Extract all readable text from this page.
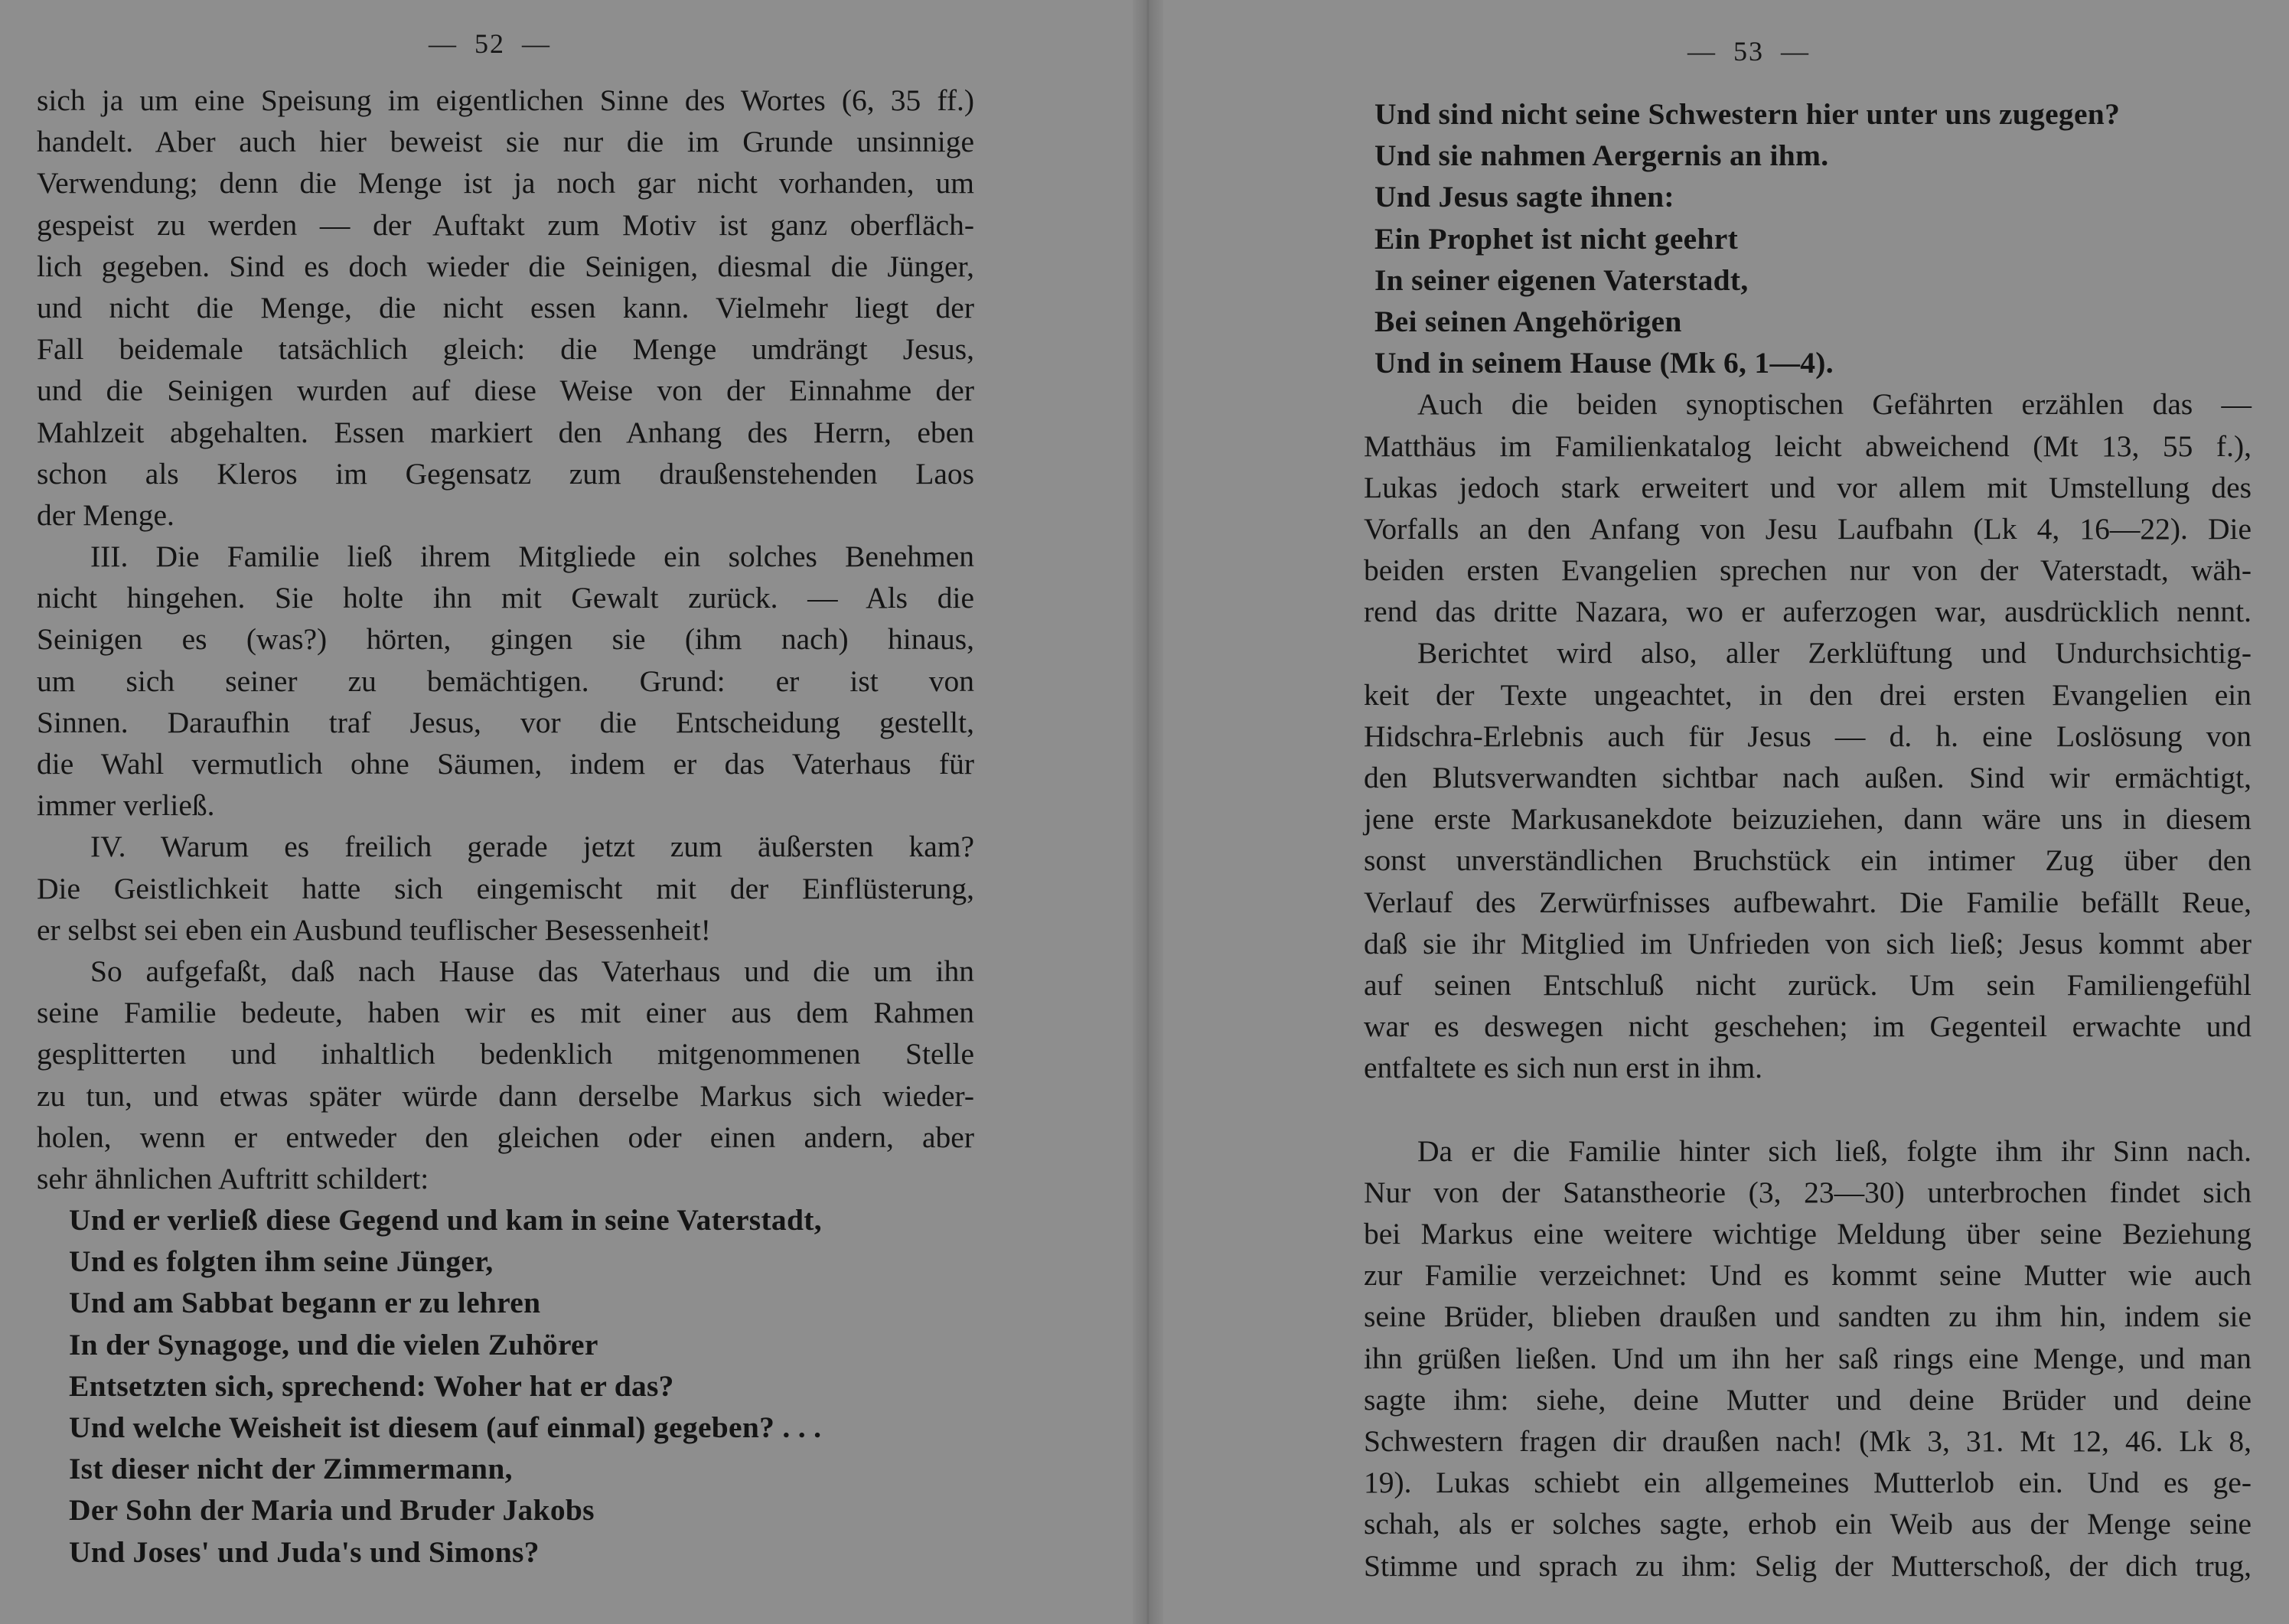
—  52  —
sich ja um eine Speisung im eigentlichen Sinne des Wortes (6, 35 ff.)
handelt. Aber auch hier beweist sie nur die im Grunde unsinnige
Verwendung; denn die Menge ist ja noch gar nicht vorhanden, um
gespeist zu werden — der Auftakt zum Motiv ist ganz oberfläch-
lich gegeben. Sind es doch wieder die Seinigen, diesmal die Jünger,
und nicht die Menge, die nicht essen kann. Vielmehr liegt der
Fall beidemale tatsächlich gleich: die Menge umdrängt Jesus,
und die Seinigen wurden auf diese Weise von der Einnahme der
Mahlzeit abgehalten. Essen markiert den Anhang des Herrn, eben
schon als Kleros im Gegensatz zum draußenstehenden Laos
der Menge.
III. Die Familie ließ ihrem Mitgliede ein solches Benehmen
nicht hingehen. Sie holte ihn mit Gewalt zurück. — Als die
Seinigen es (was?) hörten, gingen sie (ihm nach) hinaus,
um sich seiner zu bemächtigen. Grund: er ist von
Sinnen. Daraufhin traf Jesus, vor die Entscheidung gestellt,
die Wahl vermutlich ohne Säumen, indem er das Vaterhaus für
immer verließ.
IV. Warum es freilich gerade jetzt zum äußersten kam?
Die Geistlichkeit hatte sich eingemischt mit der Einflüsterung,
er selbst sei eben ein Ausbund teuflischer Besessenheit!
So aufgefaßt, daß nach Hause das Vaterhaus und die um ihn
seine Familie bedeute, haben wir es mit einer aus dem Rahmen
gesplitterten und inhaltlich bedenklich mitgenommenen Stelle
zu tun, und etwas später würde dann derselbe Markus sich wieder-
holen, wenn er entweder den gleichen oder einen andern, aber
sehr ähnlichen Auftritt schildert:
Und er verließ diese Gegend und kam in seine Vaterstadt,
Und es folgten ihm seine Jünger,
Und am Sabbat begann er zu lehren
In der Synagoge, und die vielen Zuhörer
Entsetzten sich, sprechend: Woher hat er das?
Und welche Weisheit ist diesem (auf einmal) gegeben? . . .
Ist dieser nicht der Zimmermann,
Der Sohn der Maria und Bruder Jakobs
Und Joses' und Juda's und Simons?
—  53  —
Und sind nicht seine Schwestern hier unter uns zugegen?
Und sie nahmen Aergernis an ihm.
Und Jesus sagte ihnen:
Ein Prophet ist nicht geehrt
In seiner eigenen Vaterstadt,
Bei seinen Angehörigen
Und in seinem Hause (Mk 6, 1—4).
Auch die beiden synoptischen Gefährten erzählen das —
Matthäus im Familienkatalog leicht abweichend (Mt 13, 55 f.),
Lukas jedoch stark erweitert und vor allem mit Umstellung des
Vorfalls an den Anfang von Jesu Laufbahn (Lk 4, 16—22). Die
beiden ersten Evangelien sprechen nur von der Vaterstadt, wäh-
rend das dritte Nazara, wo er auferzogen war, ausdrücklich nennt.
Berichtet wird also, aller Zerklüftung und Undurchsichtig-
keit der Texte ungeachtet, in den drei ersten Evangelien ein
Hidschra-Erlebnis auch für Jesus — d. h. eine Loslösung von
den Blutsverwandten sichtbar nach außen. Sind wir ermächtigt,
jene erste Markusanekdote beizuziehen, dann wäre uns in diesem
sonst unverständlichen Bruchstück ein intimer Zug über den
Verlauf des Zerwürfnisses aufbewahrt. Die Familie befällt Reue,
daß sie ihr Mitglied im Unfrieden von sich ließ; Jesus kommt aber
auf seinen Entschluß nicht zurück. Um sein Familiengefühl
war es deswegen nicht geschehen; im Gegenteil erwachte und
entfaltete es sich nun erst in ihm.
Da er die Familie hinter sich ließ, folgte ihm ihr Sinn nach.
Nur von der Satanstheorie (3, 23—30) unterbrochen findet sich
bei Markus eine weitere wichtige Meldung über seine Beziehung
zur Familie verzeichnet: Und es kommt seine Mutter wie auch
seine Brüder, blieben draußen und sandten zu ihm hin, indem sie
ihn grüßen ließen. Und um ihn her saß rings eine Menge, und man
sagte ihm: siehe, deine Mutter und deine Brüder und deine
Schwestern fragen dir draußen nach! (Mk 3, 31. Mt 12, 46. Lk 8,
19). Lukas schiebt ein allgemeines Mutterlob ein. Und es ge-
schah, als er solches sagte, erhob ein Weib aus der Menge seine
Stimme und sprach zu ihm: Selig der Mutterschoß, der dich trug,
